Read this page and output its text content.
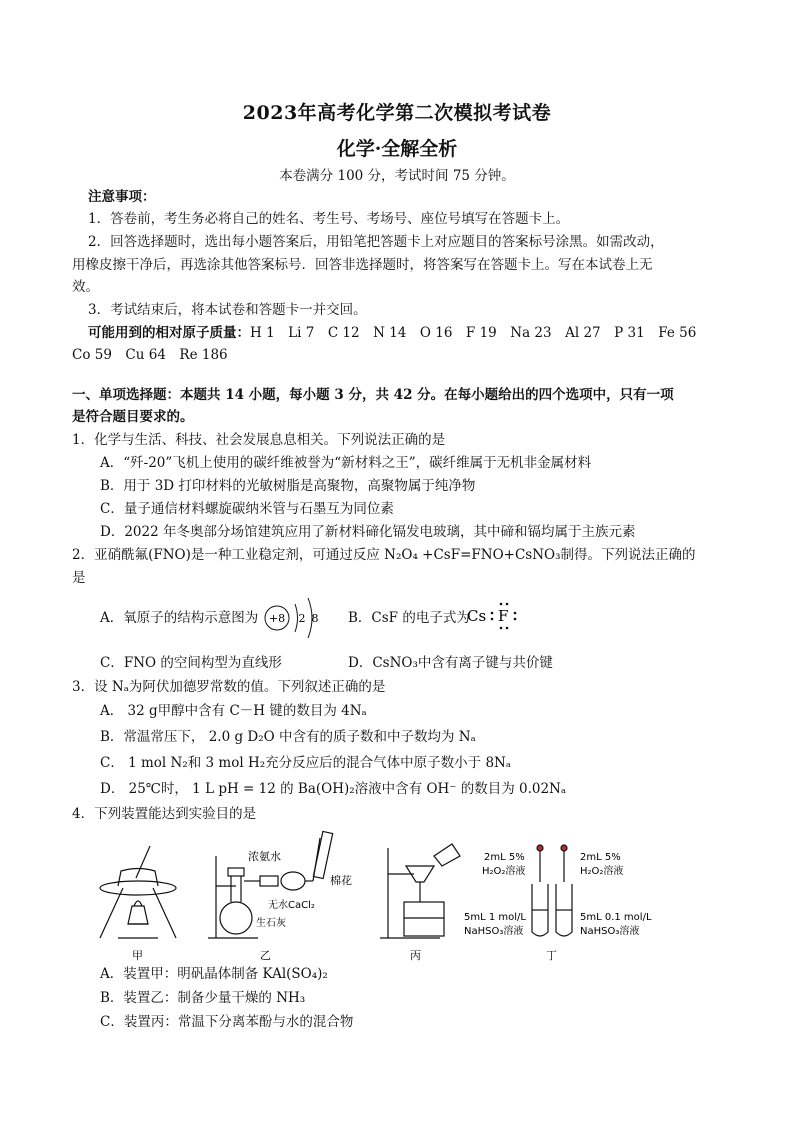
2023年高考化学第二次模拟考试卷
化学·全解全析
本卷满分 100 分，考试时间 75 分钟。
注意事项：
1．答卷前，考生务必将自己的姓名、考生号、考场号、座位号填写在答题卡上。
2．回答选择题时，选出每小题答案后，用铅笔把答题卡上对应题目的答案标号涂黑。如需改动，
用橡皮擦干净后，再选涂其他答案标号．回答非选择题时，将答案写在答题卡上。写在本试卷上无
效。
3．考试结束后，将本试卷和答题卡一并交回。
可能用到的相对原子质量：H 1　Li 7　C 12　N 14　O 16　F 19　Na 23　Al 27　P 31　Fe 56
Co 59　Cu 64　Re 186
一、单项选择题：本题共 14 小题，每小题 3 分，共 42 分。在每小题给出的四个选项中，只有一项
是符合题目要求的。
1．化学与生活、科技、社会发展息息相关。下列说法正确的是
A．“歼-20”飞机上使用的碳纤维被誉为“新材料之王”，碳纤维属于无机非金属材料
B．用于 3D 打印材料的光敏树脂是高聚物，高聚物属于纯净物
C．量子通信材料螺旋碳纳米管与石墨互为同位素
D．2022 年冬奥部分场馆建筑应用了新材料碲化镉发电玻璃，其中碲和镉均属于主族元素
2．亚硝酰氟(FNO)是一种工业稳定剂，可通过反应 N₂O₄ +CsF=FNO+CsNO₃制得。下列说法正确的
是
A．氧原子的结构示意图为 +8 2 8 B．CsF 的电子式为
Cs F
C．FNO 的空间构型为直线形	D．CsNO₃中含有离子键与共价键
3．设 Nₐ为阿伏加德罗常数的值。下列叙述正确的是
A． 32 g甲醇中含有 C－H 键的数目为 4Nₐ
B．常温常压下， 2.0 g D₂O 中含有的质子数和中子数均为 Nₐ
C． 1 mol N₂和 3 mol H₂充分反应后的混合气体中原子数小于 8Nₐ
D． 25℃时， 1 L pH = 12 的 Ba(OH)₂溶液中含有 OH⁻ 的数目为 0.02Nₐ
4．下列装置能达到实验目的是
甲
浓氨水
棉花
无水CaCl₂
生石灰
乙	丙
2mL 5%
H₂O₂溶液
2mL 5%
H₂O₂溶液
5mL 1 mol/L
NaHSO₃溶液
5mL 0.1 mol/L
NaHSO₃溶液
丁
A．装置甲：明矾晶体制备 KAl(SO₄)₂
B．装置乙：制备少量干燥的 NH₃
C．装置丙：常温下分离苯酚与水的混合物
